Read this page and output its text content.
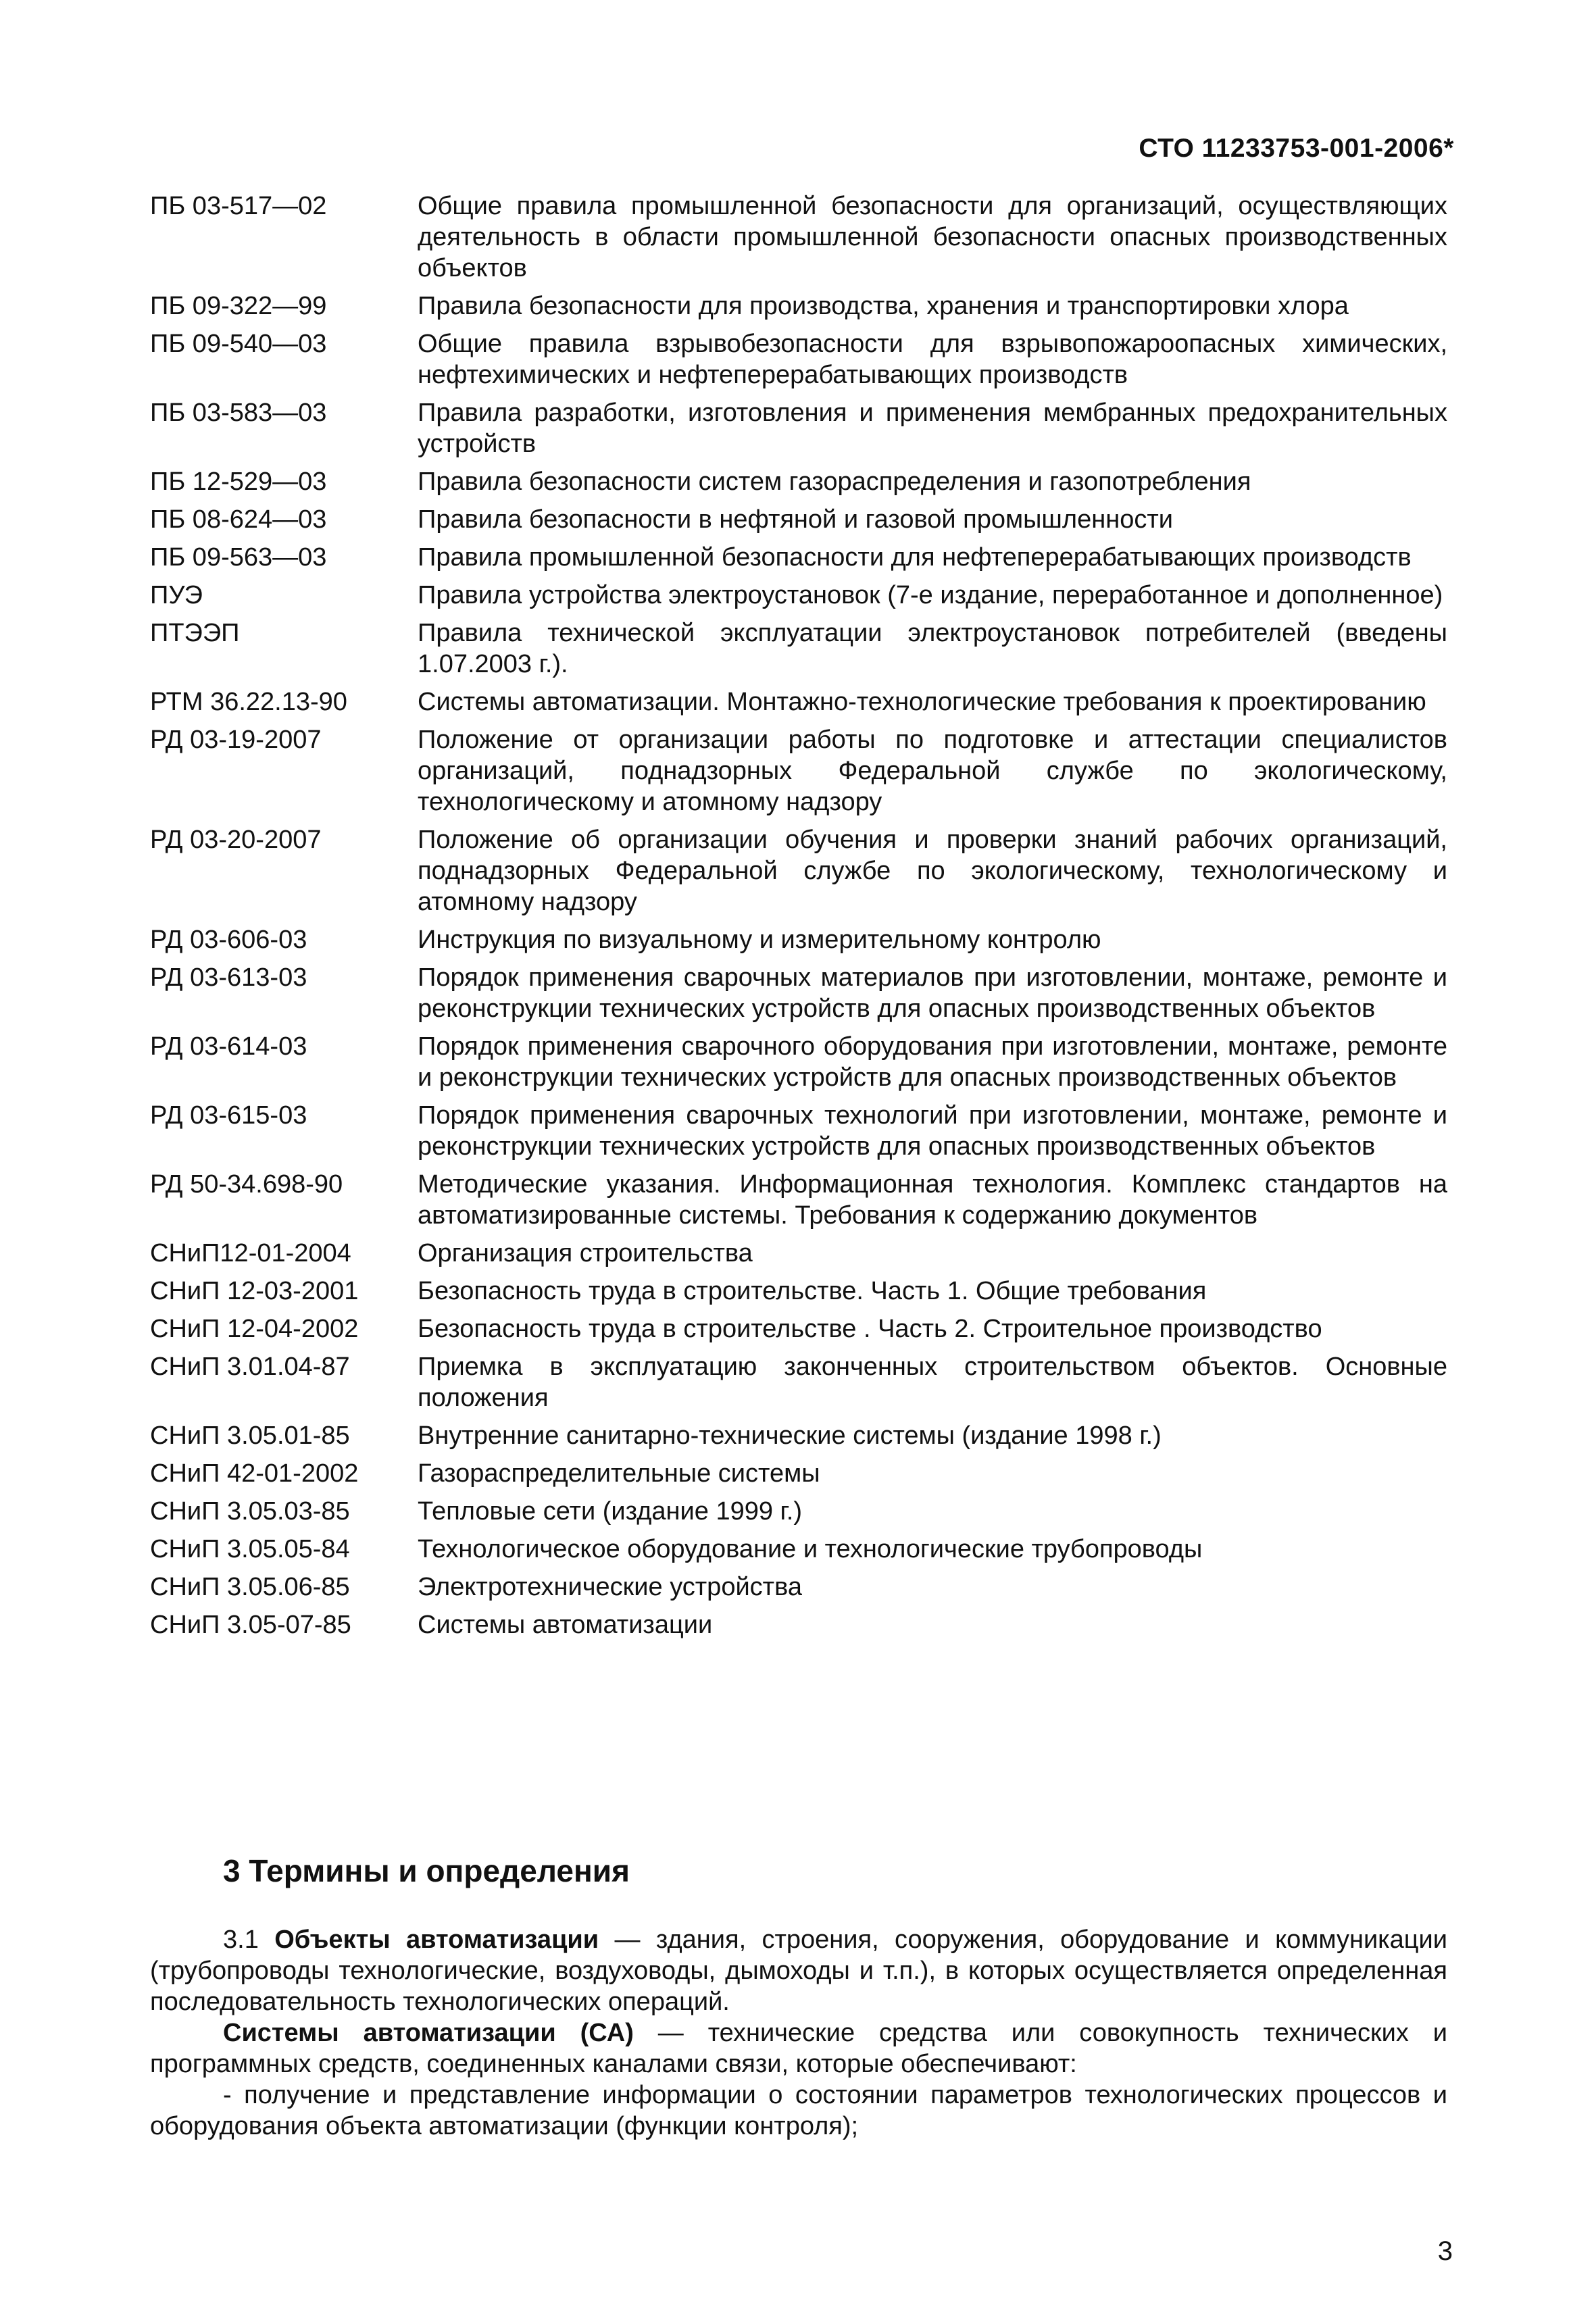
СТО 11233753-001-2006*
ПБ 03-517—02	Общие правила промышленной безопасности для организаций, осуществляющих деятельность в области промышленной безопасности опасных производственных объектов
ПБ 09-322—99	Правила безопасности для производства, хранения и транспортировки хлора
ПБ 09-540—03	Общие правила взрывобезопасности для взрывопожароопасных химических, нефтехимических и нефтеперерабатывающих производств
ПБ 03-583—03	Правила разработки, изготовления и применения мембранных предохранительных устройств
ПБ 12-529—03	Правила безопасности систем газораспределения и газопотребления
ПБ 08-624—03	Правила безопасности в нефтяной и газовой промышленности
ПБ 09-563—03	Правила промышленной безопасности для нефтеперерабатывающих производств
ПУЭ	Правила устройства электроустановок (7-е издание, переработанное и дополненное)
ПТЭЭП	Правила технической эксплуатации электроустановок потребителей (введены 1.07.2003 г.).
РТМ 36.22.13-90	Системы автоматизации. Монтажно-технологические требования к проектированию
РД 03-19-2007	Положение от организации работы по подготовке и аттестации специалистов организаций, поднадзорных Федеральной службе по экологическому, технологическому и атомному надзору
РД 03-20-2007	Положение об организации обучения и проверки знаний рабочих организаций, поднадзорных Федеральной службе по экологическому, технологическому и атомному надзору
РД 03-606-03	Инструкция по визуальному и измерительному контролю
РД 03-613-03	Порядок применения сварочных материалов при изготовлении, монтаже, ремонте и реконструкции технических устройств для опасных производственных объектов
РД 03-614-03	Порядок применения сварочного оборудования при изготовлении, монтаже, ремонте и реконструкции технических устройств для опасных производственных объектов
РД 03-615-03	Порядок применения сварочных технологий при изготовлении, монтаже, ремонте и реконструкции технических устройств для опасных производственных объектов
РД 50-34.698-90	Методические указания. Информационная технология. Комплекс стандартов на автоматизированные системы. Требования к содержанию документов
СНиП12-01-2004	Организация строительства
СНиП 12-03-2001	Безопасность труда в строительстве. Часть 1. Общие требования
СНиП 12-04-2002	Безопасность труда в строительстве . Часть 2. Строительное производство
СНиП 3.01.04-87	Приемка в эксплуатацию законченных строительством объектов. Основные положения
СНиП 3.05.01-85	Внутренние санитарно-технические системы (издание 1998 г.)
СНиП 42-01-2002	Газораспределительные системы
СНиП 3.05.03-85	Тепловые сети (издание 1999 г.)
СНиП 3.05.05-84	Технологическое оборудование и технологические трубопроводы
СНиП 3.05.06-85	Электротехнические устройства
СНиП 3.05-07-85	Системы автоматизации
3 Термины и определения

3.1 Объекты автоматизации — здания, строения, сооружения, оборудование и коммуникации (трубопроводы технологические, воздуховоды, дымоходы и т.п.), в которых осуществляется определенная последовательность технологических операций.

Системы автоматизации (СА) — технические средства или совокупность технических и программных средств, соединенных каналами связи, которые обеспечивают:

- получение и представление информации о состоянии параметров технологических процессов и оборудования объекта автоматизации (функции контроля);

3
